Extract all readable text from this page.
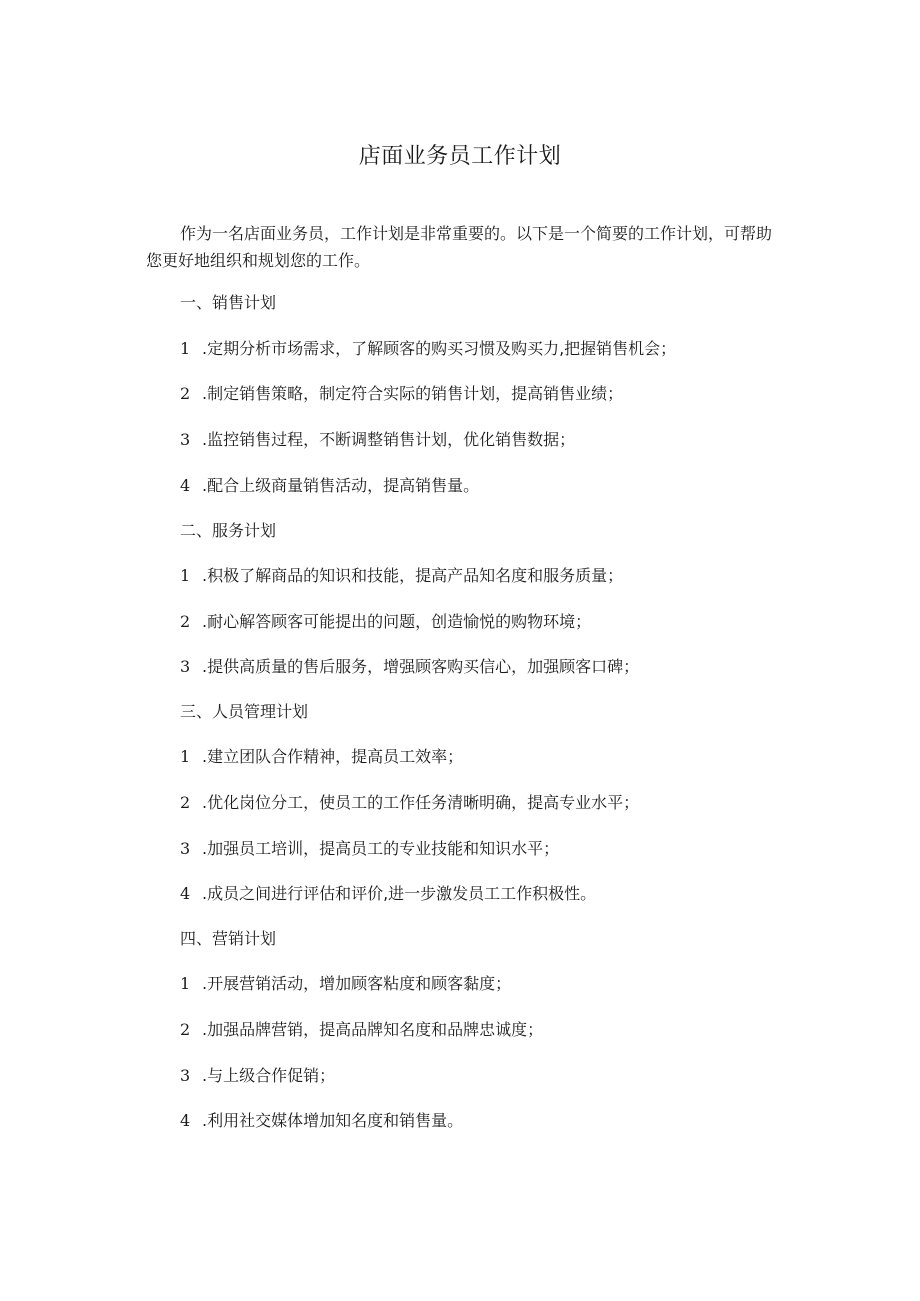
店面业务员工作计划
作为一名店面业务员，工作计划是非常重要的。以下是一个简要的工作计划，可帮助您更好地组织和规划您的工作。
一、销售计划
1 .定期分析市场需求，了解顾客的购买习惯及购买力,把握销售机会；
2 .制定销售策略，制定符合实际的销售计划，提高销售业绩；
3 .监控销售过程，不断调整销售计划，优化销售数据；
4 .配合上级商量销售活动，提高销售量。
二、服务计划
1 .积极了解商品的知识和技能，提高产品知名度和服务质量；
2 .耐心解答顾客可能提出的问题，创造愉悦的购物环境；
3 .提供高质量的售后服务，增强顾客购买信心，加强顾客口碑；
三、人员管理计划
1 .建立团队合作精神，提高员工效率；
2 .优化岗位分工，使员工的工作任务清晰明确，提高专业水平；
3 .加强员工培训，提高员工的专业技能和知识水平；
4 .成员之间进行评估和评价,进一步激发员工工作积极性。
四、营销计划
1 .开展营销活动，增加顾客粘度和顾客黏度；
2 .加强品牌营销，提高品牌知名度和品牌忠诚度；
3 .与上级合作促销；
4 .利用社交媒体增加知名度和销售量。
